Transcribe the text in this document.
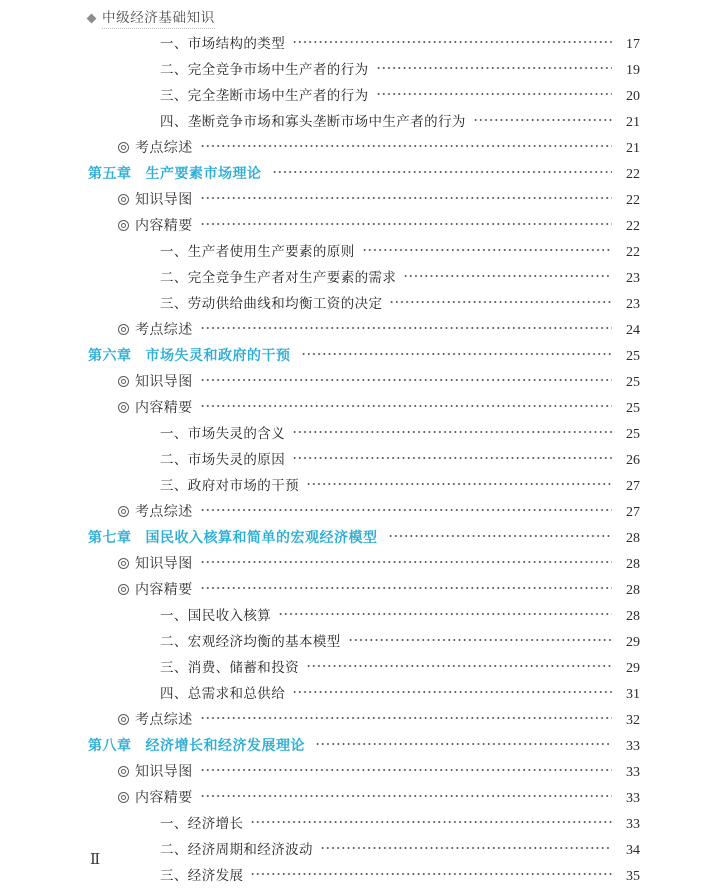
中级经济基础知识
一、市场结构的类型	17
二、完全竞争市场中生产者的行为	19
三、完全垄断市场中生产者的行为	20
四、垄断竞争市场和寡头垄断市场中生产者的行为	21
考点综述	21
第五章 生产要素市场理论	22
知识导图	22
内容精要	22
一、生产者使用生产要素的原则	22
二、完全竞争生产者对生产要素的需求	23
三、劳动供给曲线和均衡工资的决定	23
考点综述	24
第六章 市场失灵和政府的干预	25
知识导图	25
内容精要	25
一、市场失灵的含义	25
二、市场失灵的原因	26
三、政府对市场的干预	27
考点综述	27
第七章 国民收入核算和简单的宏观经济模型	28
知识导图	28
内容精要	28
一、国民收入核算	28
二、宏观经济均衡的基本模型	29
三、消费、储蓄和投资	29
四、总需求和总供给	31
考点综述	32
第八章 经济增长和经济发展理论	33
知识导图	33
内容精要	33
一、经济增长	33
二、经济周期和经济波动	34
三、经济发展	35
Ⅱ
